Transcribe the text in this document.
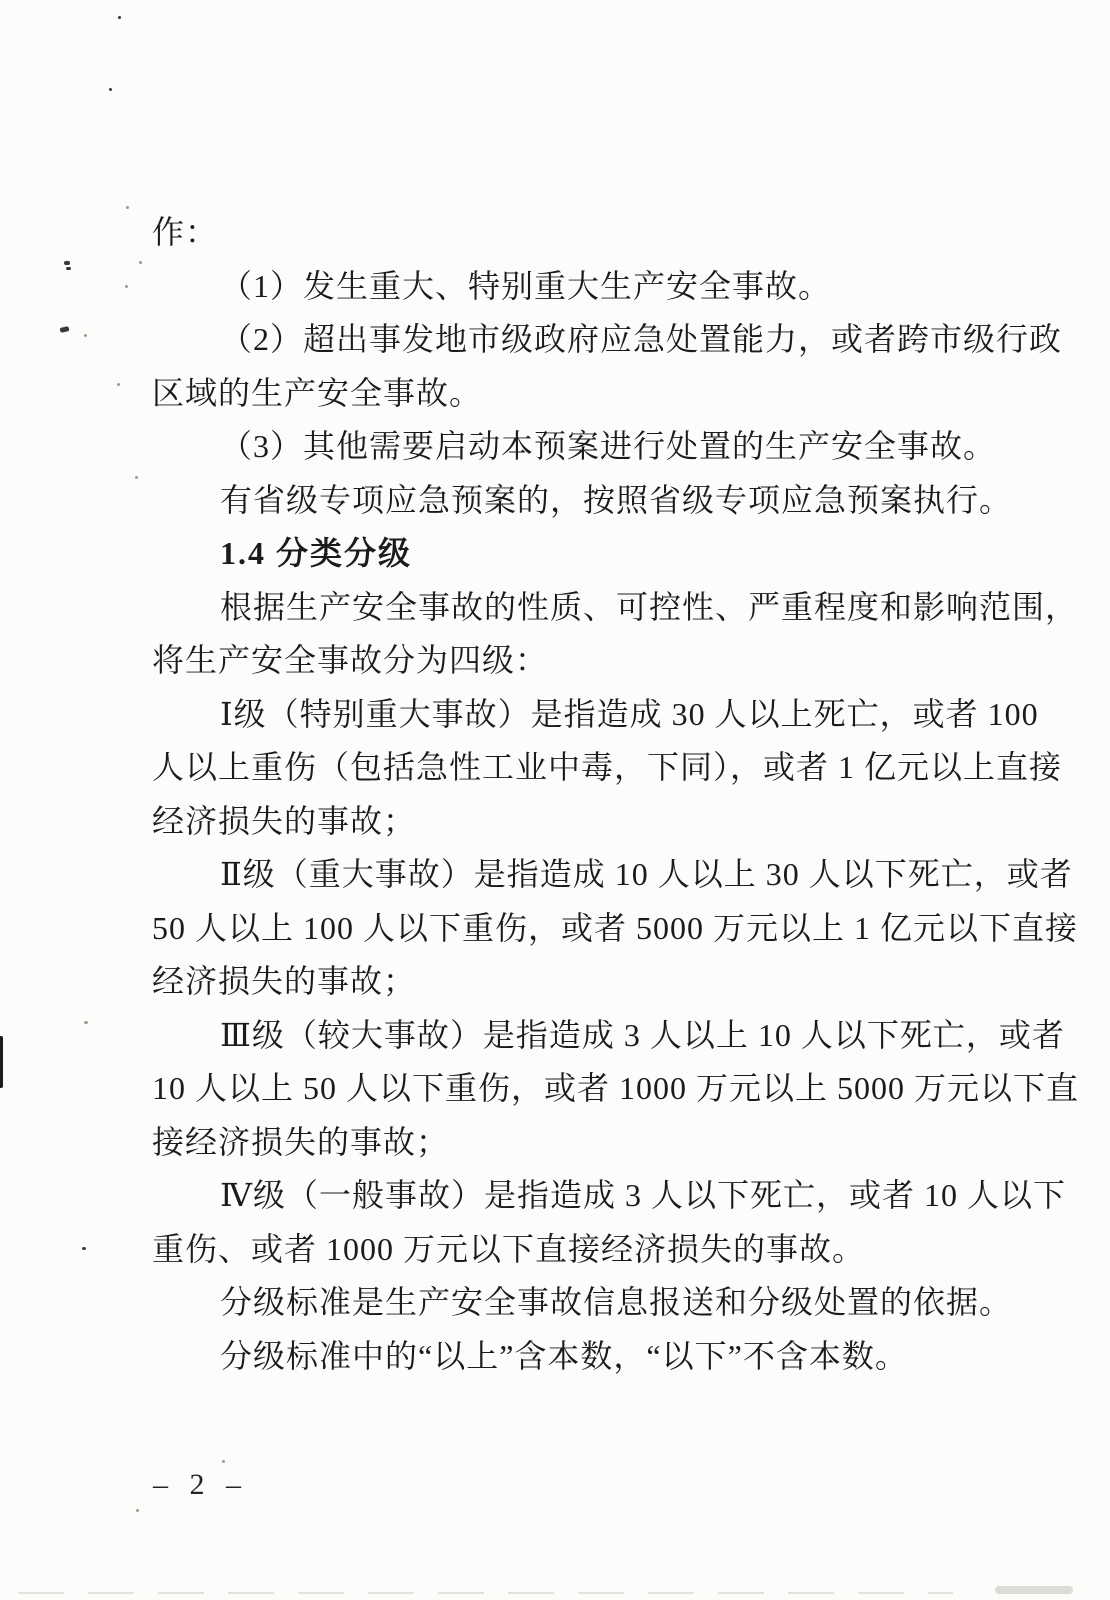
作：
（1）发生重大、特别重大生产安全事故。
（2）超出事发地市级政府应急处置能力，或者跨市级行政
区域的生产安全事故。
（3）其他需要启动本预案进行处置的生产安全事故。
有省级专项应急预案的，按照省级专项应急预案执行。
1.4 分类分级
根据生产安全事故的性质、可控性、严重程度和影响范围，
将生产安全事故分为四级：
Ⅰ级（特别重大事故）是指造成 30 人以上死亡，或者 100
人以上重伤（包括急性工业中毒，下同），或者 1 亿元以上直接
经济损失的事故；
Ⅱ级（重大事故）是指造成 10 人以上 30 人以下死亡，或者
50 人以上 100 人以下重伤，或者 5000 万元以上 1 亿元以下直接
经济损失的事故；
Ⅲ级（较大事故）是指造成 3 人以上 10 人以下死亡，或者
10 人以上 50 人以下重伤，或者 1000 万元以上 5000 万元以下直
接经济损失的事故；
Ⅳ级（一般事故）是指造成 3 人以下死亡，或者 10 人以下
重伤、或者 1000 万元以下直接经济损失的事故。
分级标准是生产安全事故信息报送和分级处置的依据。
分级标准中的“以上”含本数，“以下”不含本数。
– 2 –
